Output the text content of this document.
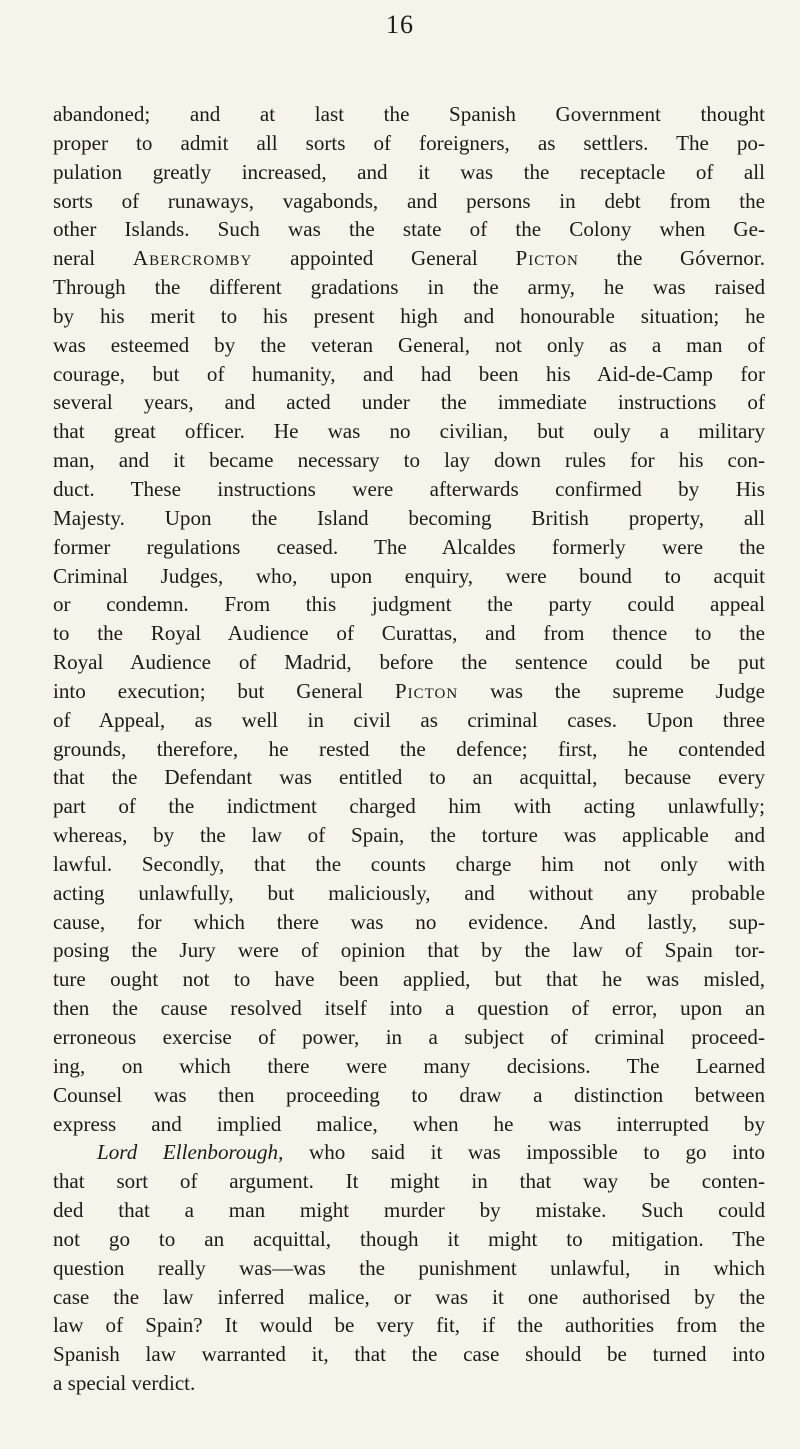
16
abandoned; and at last the Spanish Government thought
proper to admit all sorts of foreigners, as settlers. The po-
pulation greatly increased, and it was the receptacle of all
sorts of runaways, vagabonds, and persons in debt from the
other Islands. Such was the state of the Colony when Ge-
neral Abercromby appointed General Picton the Góvernor.
Through the different gradations in the army, he was raised
by his merit to his present high and honourable situation; he
was esteemed by the veteran General, not only as a man of
courage, but of humanity, and had been his Aid-de-Camp for
several years, and acted under the immediate instructions of
that great officer. He was no civilian, but ouly a military
man, and it became necessary to lay down rules for his con-
duct. These instructions were afterwards confirmed by His
Majesty. Upon the Island becoming British property, all
former regulations ceased. The Alcaldes formerly were the
Criminal Judges, who, upon enquiry, were bound to acquit
or condemn. From this judgment the party could appeal
to the Royal Audience of Curattas, and from thence to the
Royal Audience of Madrid, before the sentence could be put
into execution; but General Picton was the supreme Judge
of Appeal, as well in civil as criminal cases. Upon three
grounds, therefore, he rested the defence; first, he contended
that the Defendant was entitled to an acquittal, because every
part of the indictment charged him with acting unlawfully;
whereas, by the law of Spain, the torture was applicable and
lawful. Secondly, that the counts charge him not only with
acting unlawfully, but maliciously, and without any probable
cause, for which there was no evidence. And lastly, sup-
posing the Jury were of opinion that by the law of Spain tor-
ture ought not to have been applied, but that he was misled,
then the cause resolved itself into a question of error, upon an
erroneous exercise of power, in a subject of criminal proceed-
ing, on which there were many decisions. The Learned
Counsel was then proceeding to draw a distinction between
express and implied malice, when he was interrupted by
Lord Ellenborough, who said it was impossible to go into
that sort of argument. It might in that way be conten-
ded that a man might murder by mistake. Such could
not go to an acquittal, though it might to mitigation. The
question really was—was the punishment unlawful, in which
case the law inferred malice, or was it one authorised by the
law of Spain? It would be very fit, if the authorities from the
Spanish law warranted it, that the case should be turned into
a special verdict.
